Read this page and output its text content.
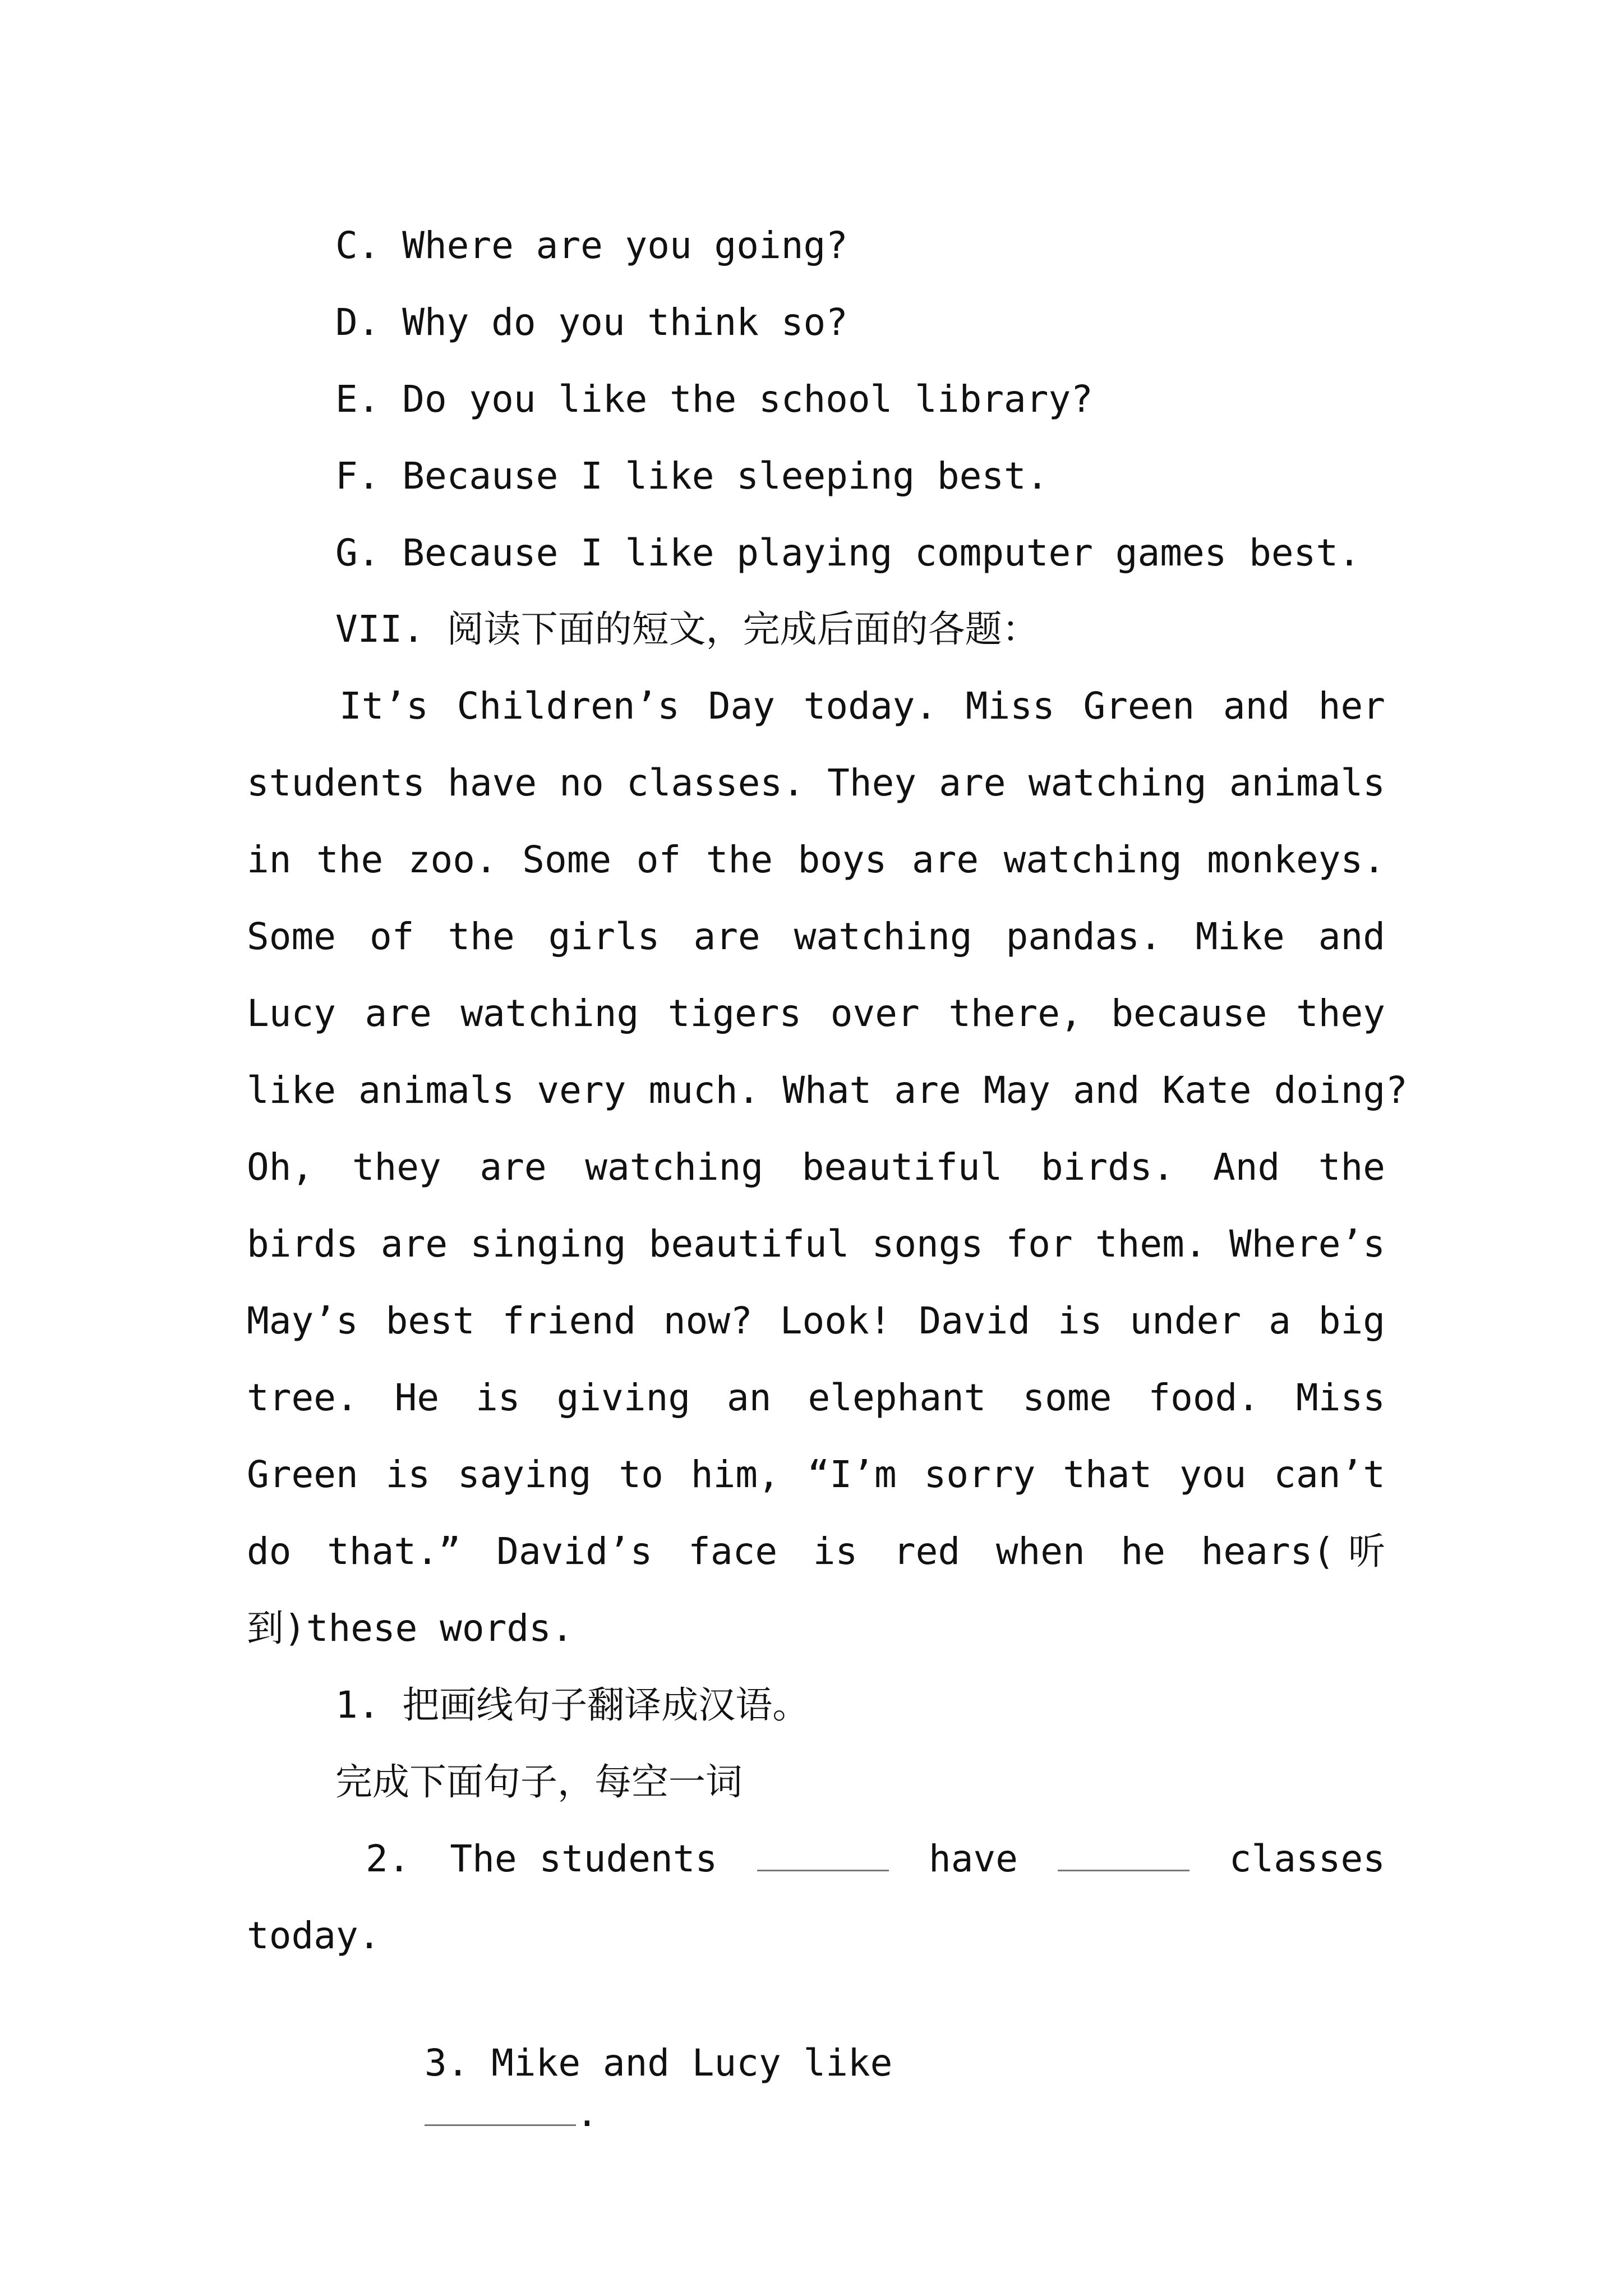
C. Where are you going?
D. Why do you think so?
E. Do you like the school library?
F. Because I like sleeping best.
G. Because I like playing computer games best.
VII. 阅读下面的短文，完成后面的各题：
It’s Children’s Day today. Miss Green and her
students have no classes. They are watching animals
in the zoo. Some of the boys are watching monkeys.
Some of the girls are watching pandas. Mike and
Lucy are watching tigers over there, because they
like animals very much. What are May and Kate doing?
Oh, they are watching beautiful birds. And the
birds are singing beautiful songs for them. Where’s
May’s best friend now? Look! David is under a big
tree. He is giving an elephant some food. Miss
Green is saying to him, “I’m sorry that you can’t
do that.” David’s face is red when he hears(听
到)these words.
1. 把画线句子翻译成汉语。
完成下面句子，每空一词
2. The students	have	classes
today.

3. Mike and Lucy like
.
